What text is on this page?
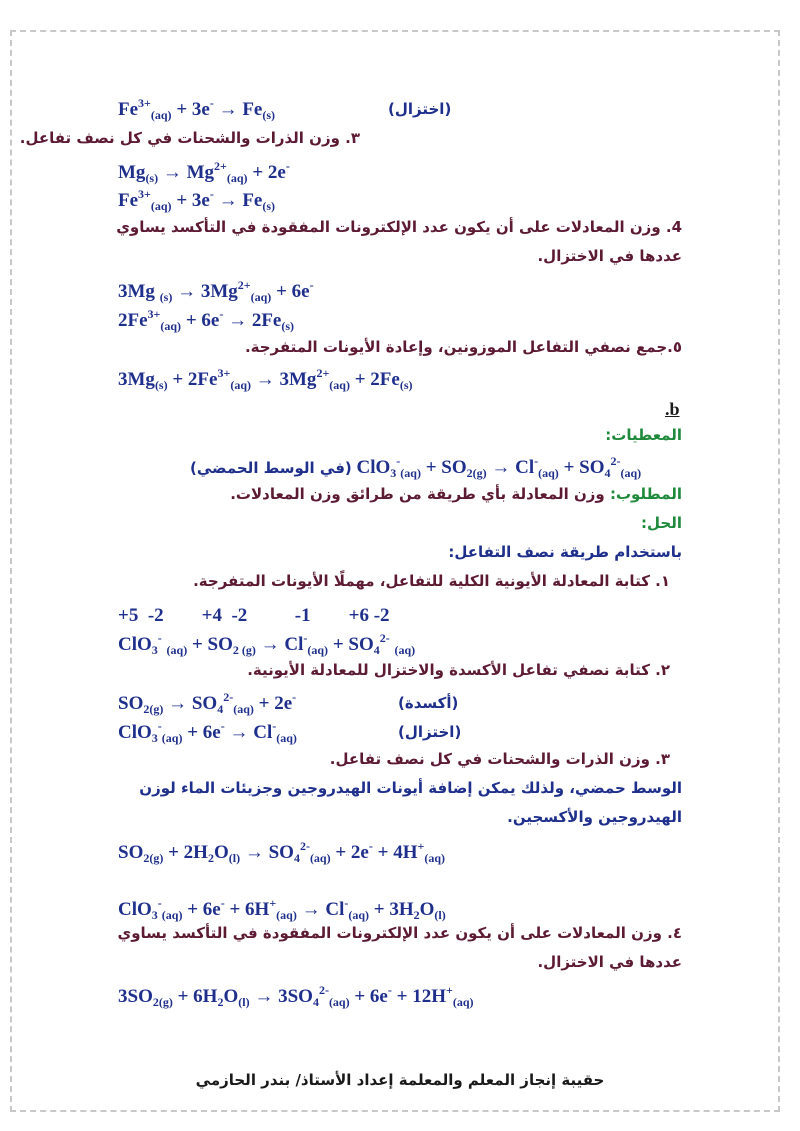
$Fe^{3+}_{(aq)} + 3e^- \to Fe_{(s)}$	(اختزال)
٣. وزن الذرات والشحنات في كل نصف تفاعل.
$Mg_{(s)} \to Mg^{2+}_{(aq)} + 2e^-$
$Fe^{3+}_{(aq)} + 3e^- \to Fe_{(s)}$
4. وزن المعادلات على أن يكون عدد الإلكترونات المفقودة في التأكسد يساوي
عددها في الاختزال.
3Mg $_{(s)} \to 3Mg^{2+}_{(aq)} + 6e^-$
$2Fe^{3+}_{(aq)} + 6e^- \to 2Fe_{(s)}$
٥.جمع نصفي التفاعل الموزونين، وإعادة الأيونات المتفرجة.
$3Mg_{(s)} + 2Fe^{3+}_{(aq)} \to 3Mg^{2+}_{(aq)} + 2Fe_{(s)}$
.b
المعطيات:
(في الوسط الحمضي) $ClO_3^-_{(aq)} + SO_{2(g)} \to Cl^-_{(aq)} + SO_4^{2-}_{(aq)}$
المطلوب: وزن المعادلة بأي طريقة من طرائق وزن المعادلات.
الحل:
باستخدام طريقة نصف التفاعل:
١. كتابة المعادلة الأيونية الكلية للتفاعل، مهملًا الأيونات المتفرجة.
+5  -2        +4  -2          -1        +6 -2
ClO$_3$- $_{(aq)} + SO_{2 (g)} \to Cl^-_{(aq)} + SO_4^{2-}$ $_{(aq)}$
٢. كتابة نصفي تفاعل الأكسدة والاختزال للمعادلة الأيونية.
$SO_{2(g)} \to SO_4^{2-}_{(aq)} + 2e^-$	(أكسدة)
$ClO_3^-_{(aq)} + 6e^- \to Cl^-_{(aq)}$	(اختزال)
٣. وزن الذرات والشحنات في كل نصف تفاعل.
الوسط حمضي، ولذلك يمكن إضافة أيونات الهيدروجين وجزيئات الماء لوزن
الهيدروجين والأكسجين.
$SO_{2(g)} + 2H_2O_{(l)} \to SO_4^{2-}_{(aq)} + 2e^- + 4H^+_{(aq)}$
$ClO_3^-_{(aq)} + 6e^- + 6H^+_{(aq)} \to Cl^-_{(aq)} + 3H_2O_{(l)}$
٤. وزن المعادلات على أن يكون عدد الإلكترونات المفقودة في التأكسد يساوي
عددها في الاختزال.
$3SO_{2(g)} + 6H_2O_{(l)} \to 3SO_4^{2-}_{(aq)} + 6e^- + 12H^+_{(aq)}$
حقيبة إنجاز المعلم والمعلمة إعداد الأستاذ/ بندر الحازمي
